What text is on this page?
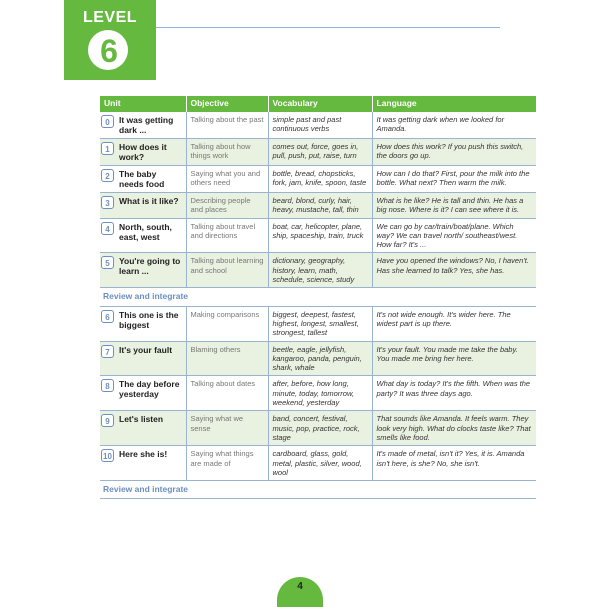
LEVEL
6
Unit	Objective	Vocabulary	Language

0 It was getting dark ...	Talking about the past	simple past and past continuous verbs	It was getting dark when we looked for Amanda.

1 How does it work?	Talking about how things work	comes out, force, goes in, pull, push, put, raise, turn	How does this work? If you push this switch, the doors go up.

2 The baby needs food	Saying what you and others need	bottle, bread, chopsticks, fork, jam, knife, spoon, taste	How can I do that? First, pour the milk into the bottle. What next? Then warm the milk.

3 What is it like?	Describing people and places	beard, blond, curly, hair, heavy, mustache, tall, thin	What is he like? He is tall and thin. He has a big nose. Where is it? I can see where it is.

4 North, south, east, west	Talking about travel and directions	boat, car, helicopter, plane, ship, spaceship, train, truck	We can go by car/train/boat/plane. Which way? We can travel north/ southeast/west. How far? It's ...

5 You're going to learn ...	Talking about learning and school	dictionary, geography, history, learn, math, schedule, science, study	Have you opened the windows? No, I haven't. Has she learned to talk? Yes, she has.
Review and integrate			

6 This one is the biggest	Making comparisons	biggest, deepest, fastest, highest, longest, smallest, strongest, tallest	It's not wide enough. It's wider here. The widest part is up there.

7 It's your fault	Blaming others	beetle, eagle, jellyfish, kangaroo, panda, penguin, shark, whale	It's your fault. You made me take the baby. You made me bring her here.

8 The day before yesterday	Talking about dates	after, before, how long, minute, today, tomorrow, weekend, yesterday	What day is today? It's the fifth. When was the party? It was three days ago.

9 Let's listen	Saying what we sense	band, concert, festival, music, pop, practice, rock, stage	That sounds like Amanda. It feels warm. They look very high. What do clocks taste like? That smells like food.

10 Here she is!	Saying what things are made of	cardboard, glass, gold, metal, plastic, silver, wood, wool	It's made of metal, isn't it? Yes, it is. Amanda isn't here, is she? No, she isn't.
Review and integrate			
4
